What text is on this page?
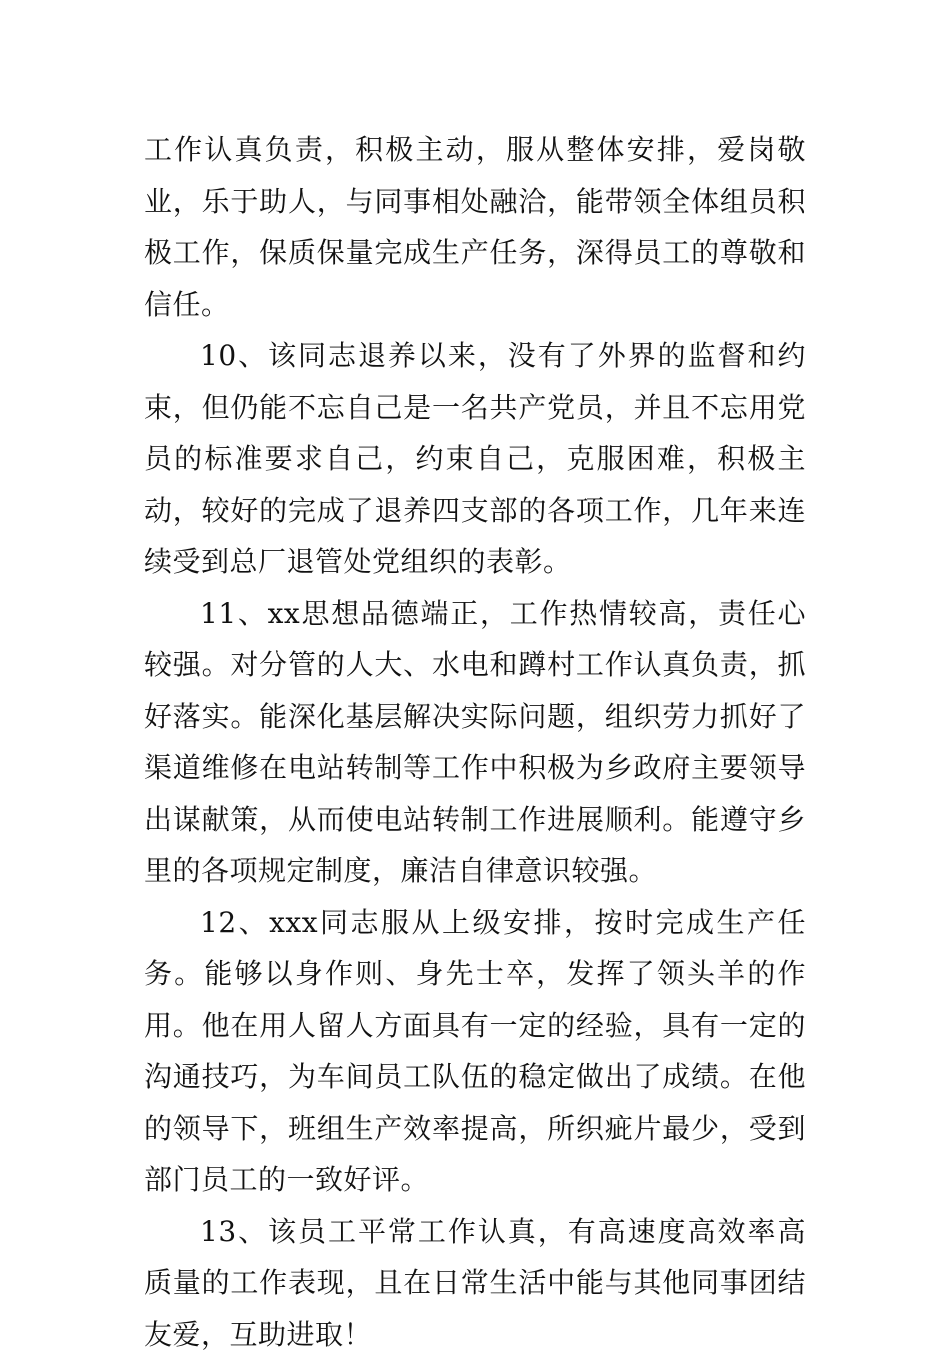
工作认真负责，积极主动，服从整体安排，爱岗敬业，乐于助人，与同事相处融洽，能带领全体组员积极工作，保质保量完成生产任务，深得员工的尊敬和信任。

10、该同志退养以来，没有了外界的监督和约束，但仍能不忘自己是一名共产党员，并且不忘用党员的标准要求自己，约束自己，克服困难，积极主动，较好的完成了退养四支部的各项工作，几年来连续受到总厂退管处党组织的表彰。

11、xx思想品德端正，工作热情较高，责任心较强。对分管的人大、水电和蹲村工作认真负责，抓好落实。能深化基层解决实际问题，组织劳力抓好了渠道维修在电站转制等工作中积极为乡政府主要领导出谋献策，从而使电站转制工作进展顺利。能遵守乡里的各项规定制度，廉洁自律意识较强。

12、xxx同志服从上级安排，按时完成生产任务。能够以身作则、身先士卒，发挥了领头羊的作用。他在用人留人方面具有一定的经验，具有一定的沟通技巧，为车间员工队伍的稳定做出了成绩。在他的领导下，班组生产效率提高，所织疵片最少，受到部门员工的一致好评。

13、该员工平常工作认真，有高速度高效率高质量的工作表现，且在日常生活中能与其他同事团结友爱，互助进取！
